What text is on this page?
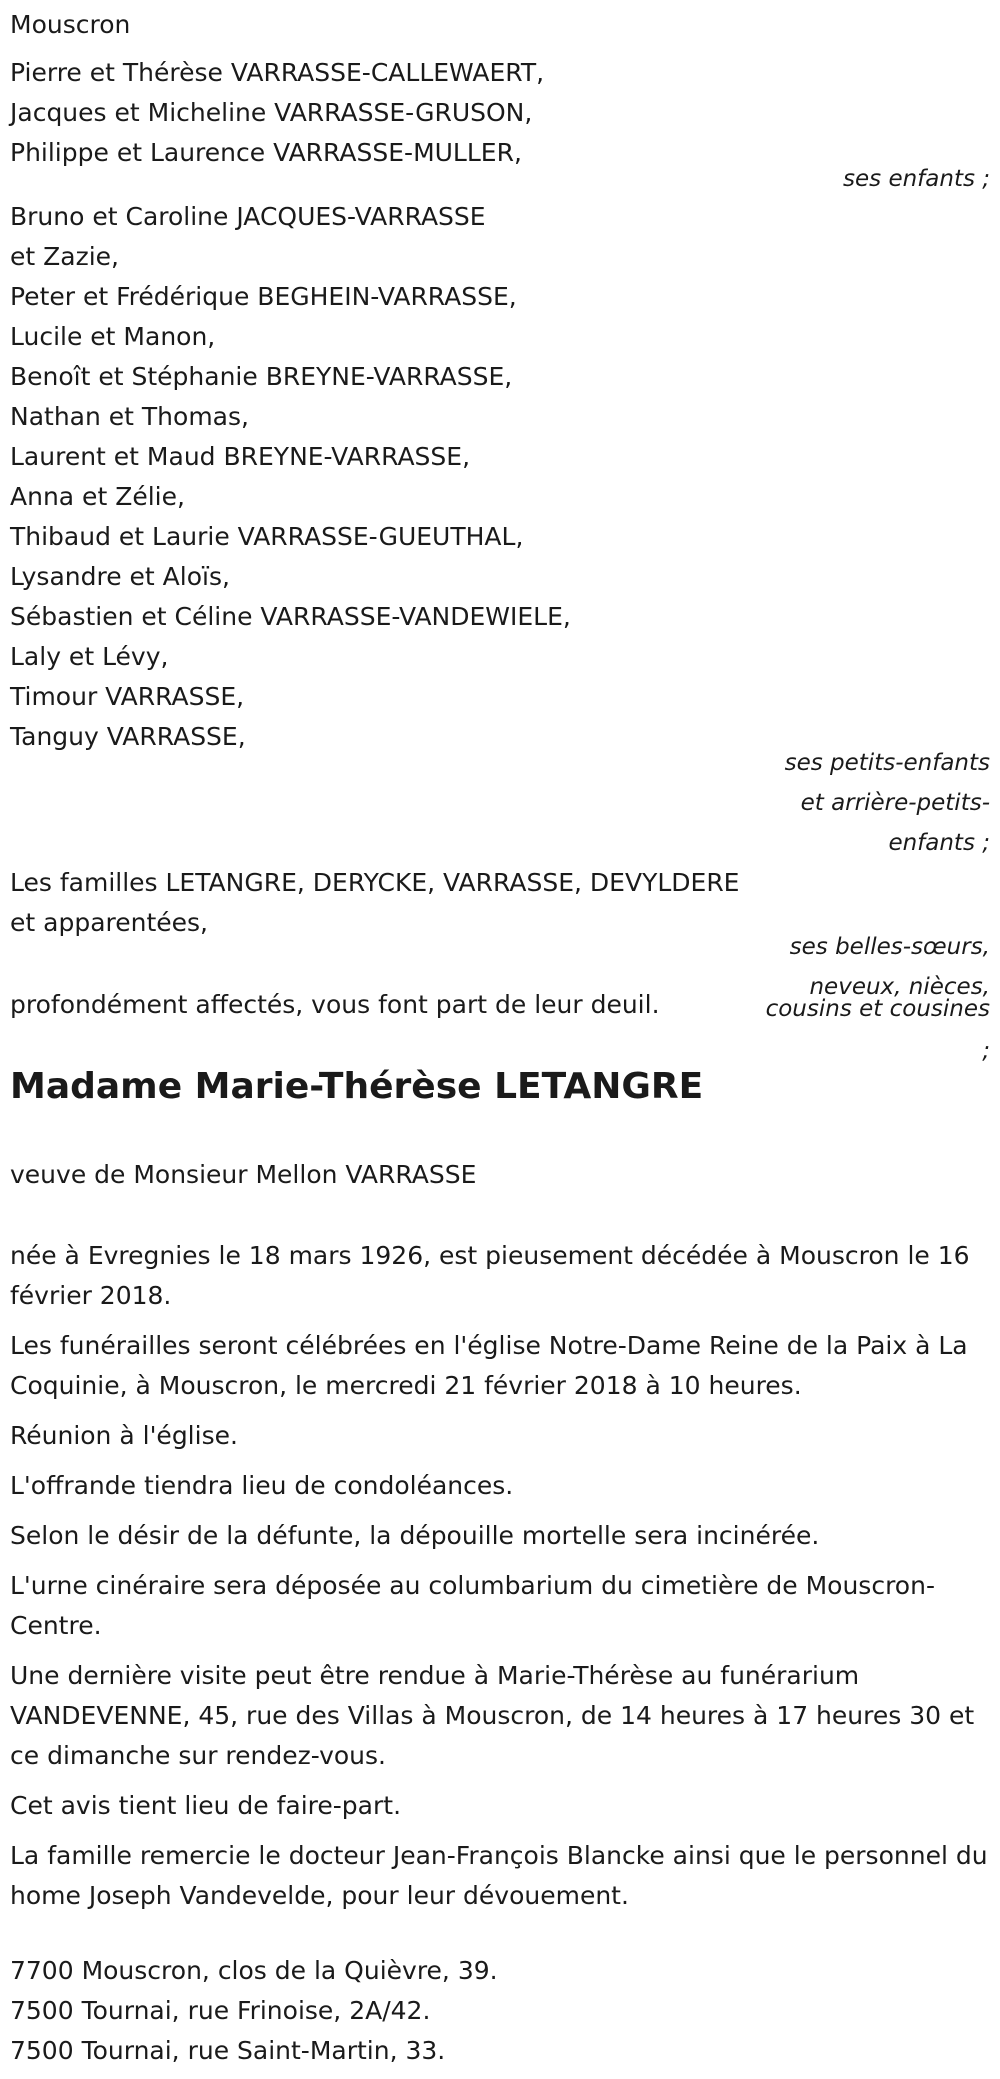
Mouscron
Pierre et Thérèse VARRASSE-CALLEWAERT,
Jacques et Micheline VARRASSE-GRUSON,
Philippe et Laurence VARRASSE-MULLER,
ses enfants ;
Bruno et Caroline JACQUES-VARRASSE
et Zazie,
Peter et Frédérique BEGHEIN-VARRASSE,
Lucile et Manon,
Benoît et Stéphanie BREYNE-VARRASSE,
Nathan et Thomas,
Laurent et Maud BREYNE-VARRASSE,
Anna et Zélie,
Thibaud et Laurie VARRASSE-GUEUTHAL,
Lysandre et Aloïs,
Sébastien et Céline VARRASSE-VANDEWIELE,
Laly et Lévy,
Timour VARRASSE,
Tanguy VARRASSE,
ses petits-enfants
et arrière-petits-
enfants ;
Les familles LETANGRE, DERYCKE, VARRASSE, DEVYLDERE
et apparentées,
ses belles-sœurs,
neveux, nièces,
cousins et cousines
;
profondément affectés, vous font part de leur deuil.
Madame Marie-Thérèse LETANGRE
veuve de Monsieur Mellon VARRASSE
née à Evregnies le 18 mars 1926, est pieusement décédée à Mouscron le 16 février 2018.
Les funérailles seront célébrées en l'église Notre-Dame Reine de la Paix à La Coquinie, à Mouscron, le mercredi 21 février 2018 à 10 heures.
Réunion à l'église.
L'offrande tiendra lieu de condoléances.
Selon le désir de la défunte, la dépouille mortelle sera incinérée.
L'urne cinéraire sera déposée au columbarium du cimetière de Mouscron-Centre.
Une dernière visite peut être rendue à Marie-Thérèse au funérarium VANDEVENNE, 45, rue des Villas à Mouscron, de 14 heures à 17 heures 30 et ce dimanche sur rendez-vous.
Cet avis tient lieu de faire-part.
La famille remercie le docteur Jean-François Blancke ainsi que le personnel du home Joseph Vandevelde, pour leur dévouement.
7700 Mouscron, clos de la Quièvre, 39.
7500 Tournai, rue Frinoise, 2A/42.
7500 Tournai, rue Saint-Martin, 33.
